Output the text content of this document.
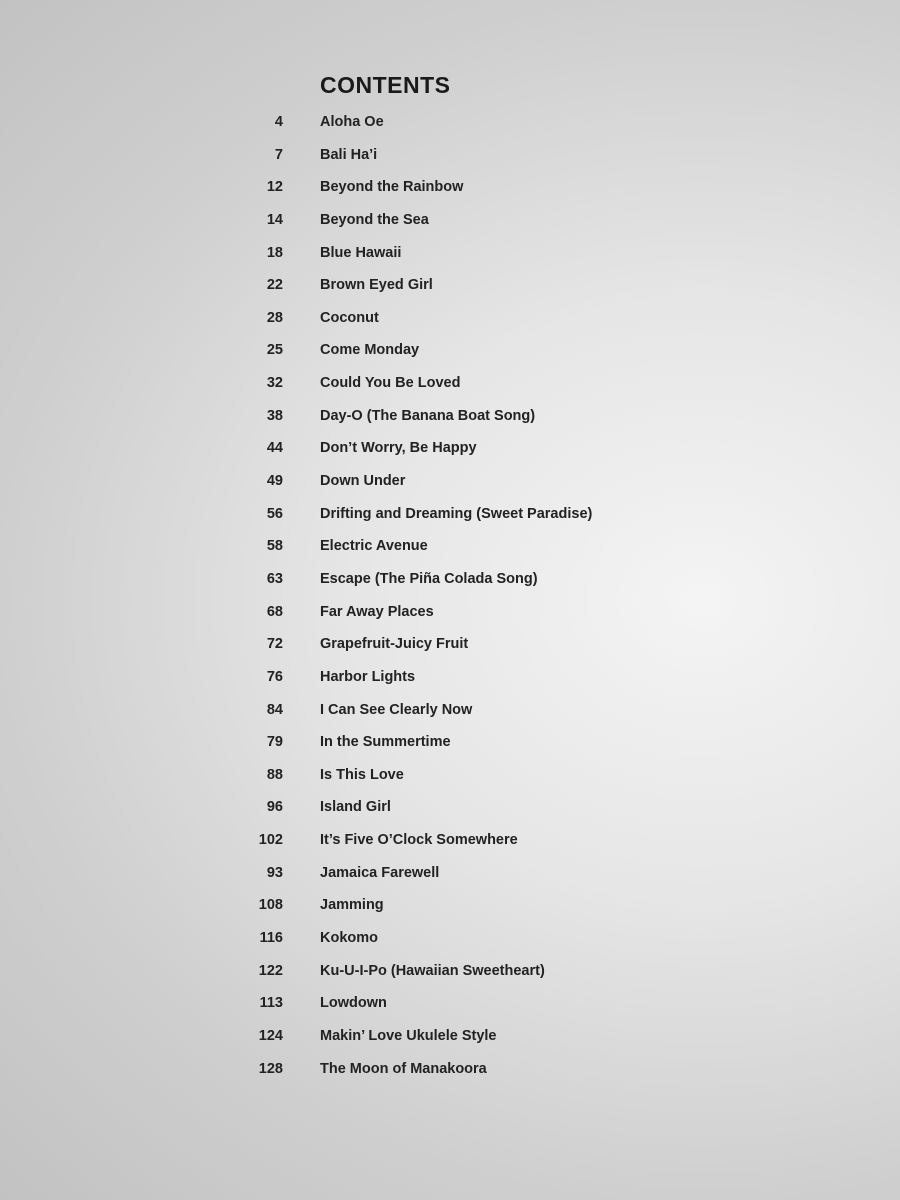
CONTENTS
4	Aloha Oe
7	Bali Ha’i
12	Beyond the Rainbow
14	Beyond the Sea
18	Blue Hawaii
22	Brown Eyed Girl
28	Coconut
25	Come Monday
32	Could You Be Loved
38	Day-O (The Banana Boat Song)
44	Don’t Worry, Be Happy
49	Down Under
56	Drifting and Dreaming (Sweet Paradise)
58	Electric Avenue
63	Escape (The Piña Colada Song)
68	Far Away Places
72	Grapefruit-Juicy Fruit
76	Harbor Lights
84	I Can See Clearly Now
79	In the Summertime
88	Is This Love
96	Island Girl
102	It’s Five O’Clock Somewhere
93	Jamaica Farewell
108	Jamming
116	Kokomo
122	Ku-U-I-Po (Hawaiian Sweetheart)
113	Lowdown
124	Makin’ Love Ukulele Style
128	The Moon of Manakoora
